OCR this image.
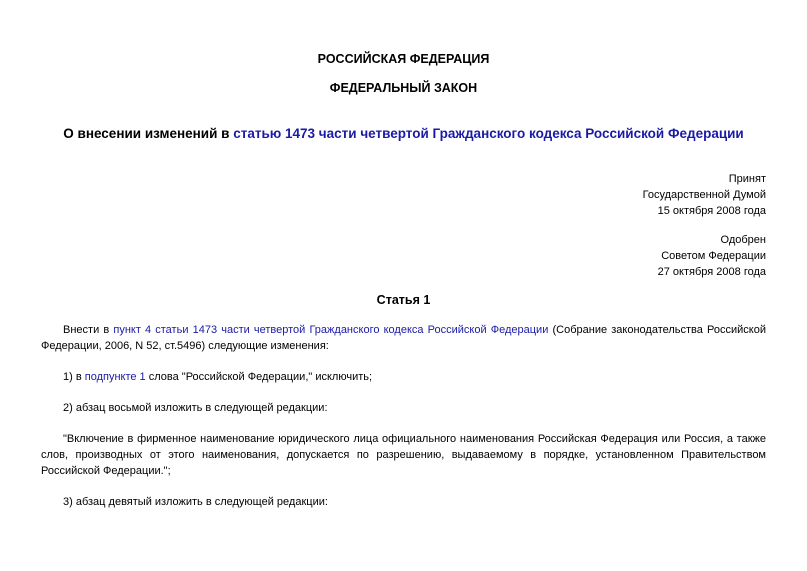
РОССИЙСКАЯ ФЕДЕРАЦИЯ
ФЕДЕРАЛЬНЫЙ ЗАКОН
О внесении изменений в статью 1473 части четвертой Гражданского кодекса Российской Федерации
Принят
Государственной Думой
15 октября 2008 года
Одобрен
Советом Федерации
27 октября 2008 года
Статья 1
Внести в пункт 4 статьи 1473 части четвертой Гражданского кодекса Российской Федерации (Собрание законодательства Российской Федерации, 2006, N 52, ст.5496) следующие изменения:
1) в подпункте 1 слова "Российской Федерации," исключить;
2) абзац восьмой изложить в следующей редакции:
"Включение в фирменное наименование юридического лица официального наименования Российская Федерация или Россия, а также слов, производных от этого наименования, допускается по разрешению, выдаваемому в порядке, установленном Правительством Российской Федерации.";
3) абзац девятый изложить в следующей редакции:
